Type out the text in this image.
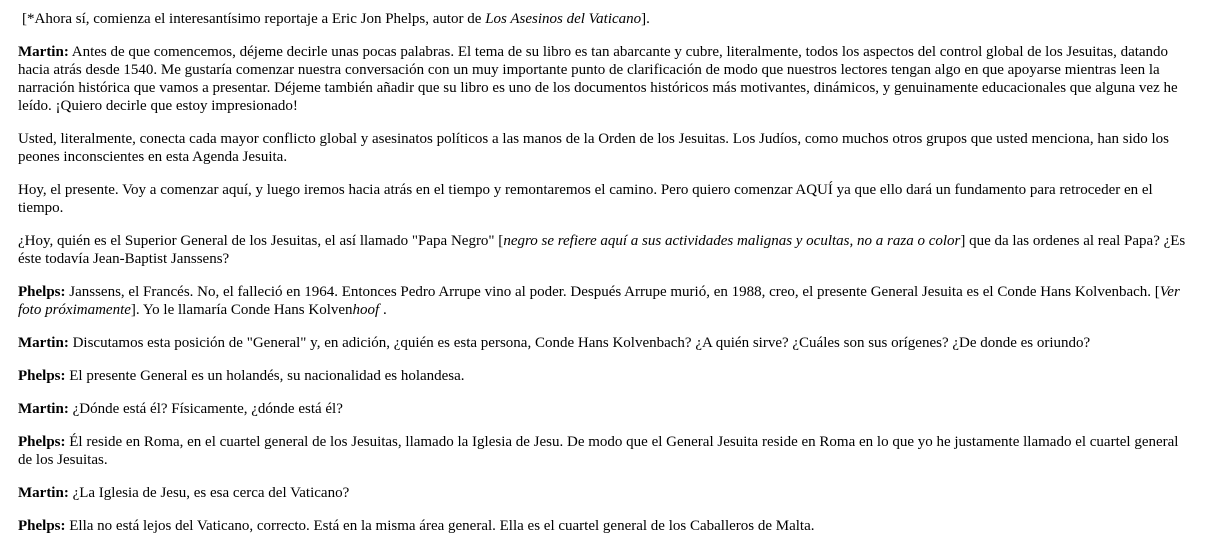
[*Ahora sí, comienza el interesantísimo reportaje a Eric Jon Phelps, autor de Los Asesinos del Vaticano].

Martin: Antes de que comencemos, déjeme decirle unas pocas palabras. El tema de su libro es tan abarcante y cubre, literalmente, todos los aspectos del control global de los Jesuitas, datando hacia atrás desde 1540. Me gustaría comenzar nuestra conversación con un muy importante punto de clarificación de modo que nuestros lectores tengan algo en que apoyarse mientras leen la narración histórica que vamos a presentar. Déjeme también añadir que su libro es uno de los documentos históricos más motivantes, dinámicos, y genuinamente educacionales que alguna vez he leído. ¡Quiero decirle que estoy impresionado!

Usted, literalmente, conecta cada mayor conflicto global y asesinatos políticos a las manos de la Orden de los Jesuitas. Los Judíos, como muchos otros grupos que usted menciona, han sido los peones inconscientes en esta Agenda Jesuita.

Hoy, el presente. Voy a comenzar aquí, y luego iremos hacia atrás en el tiempo y remontaremos el camino. Pero quiero comenzar AQUÍ ya que ello dará un fundamento para retroceder en el tiempo.

¿Hoy, quién es el Superior General de los Jesuitas, el así llamado "Papa Negro" [negro se refiere aquí a sus actividades malignas y ocultas, no a raza o color] que da las ordenes al real Papa? ¿Es éste todavía Jean-Baptist Janssens?

Phelps: Janssens, el Francés. No, el falleció en 1964. Entonces Pedro Arrupe vino al poder. Después Arrupe murió, en 1988, creo, el presente General Jesuita es el Conde Hans Kolvenbach. [Ver foto próximamente]. Yo le llamaría Conde Hans Kolvenhoof .

Martin: Discutamos esta posición de "General" y, en adición, ¿quién es esta persona, Conde Hans Kolvenbach? ¿A quién sirve? ¿Cuáles son sus orígenes? ¿De donde es oriundo?

Phelps: El presente General es un holandés, su nacionalidad es holandesa.

Martin: ¿Dónde está él? Físicamente, ¿dónde está él?

Phelps: Él reside en Roma, en el cuartel general de los Jesuitas, llamado la Iglesia de Jesu. De modo que el General Jesuita reside en Roma en lo que yo he justamente llamado el cuartel general de los Jesuitas.

Martin: ¿La Iglesia de Jesu, es esa cerca del Vaticano?

Phelps: Ella no está lejos del Vaticano, correcto. Está en la misma área general. Ella es el cuartel general de los Caballeros de Malta.
